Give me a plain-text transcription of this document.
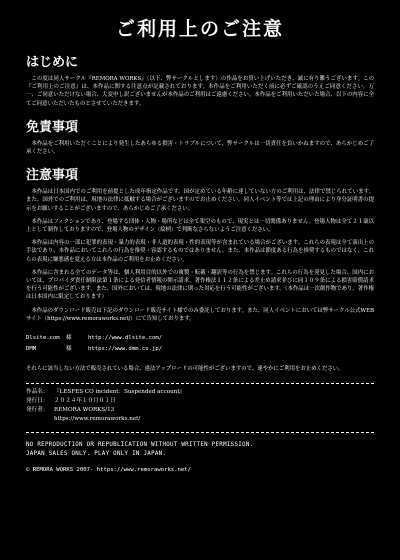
ご利用上のご注意
はじめに

この度は同人サークル『REMORA WORKS』（以下、弊サークルとします）の作品をお買い上げいただき、誠に有り難うございます。この『ご利用上のご注意』は、本作品に関する注意点が記載されております。本作品をご利用いただく前に必ずご確認のうえご同意ください。万一、ご同意いただけない場合、大変申し訳ございませんが本作品のご利用はご遠慮ください。本作品をご利用いただいた場合、以下の内容に全てご同意いただいたものとさせていただきます。

免責事項

本作品をご利用いただくことにより発生したあらゆる損害・トラブルについて、弊サークルは一切責任を負いかねますので、あらかじめご了承ください。

注意事項

本作品は日本国内でのご利用を前提とした成年指定作品です。国が定めている年齢に達していない方のご利用は、法律で禁じられています。また、国外でのご利用は、現地の法律に抵触する場合がございますのでお止めください。同人イベント等では上記の理由により身分証明書の提示をお願いすることがございますので、あらかじめご了承ください。

本作品はフィクションであり、登場する団体・人物・場所などは全て架空のもので、現実とは一切関係ありません。登場人物は全て２１歳以上として制作しておりますので、登場人物のデザイン（絵柄）で判断なさらないようご注意ください。

本作品は内容の一部に犯罪的表現・暴力的表現・非人道的表現・性的表現等が含まれている場合がございます。これらの表現は全て演出上の手法であり、本作品においてこれらの行為を推奨・容認するものではありません。また、本作品は節度ある行為を推奨するものではなく、これらの表現に嫌悪感を覚える方は本作品のご利用をお止めください。

本作品に含まれる全てのデータ等は、個人利用目的以外での複製・転載・翻訳等の行為を禁じます。これらの行為を発見した場合、国内においては、プロバイダ責任制限法第１条による発信者情報の開示請求、著作権法１１２条による差止め請求並びに同１０９条による損害賠償請求を行う可能性がございます。また、国外においては、現地の法律に則った対応を行う可能性がございます。（本作品は一次創作物であり、著作権は日本国内に限定しております）

本作品のダウンロード販売は下記のダウンロード販売サイト様でのみ委託しております。また、同人イベントにおいては弊サークル公式WEBサイト（https://www.remoraworks.net/）にて告知しております。

Dlsite.com	様	http://www.dlsite.com/
DMM	様	https://www.dmm.co.jp/

それらに該当しない方法で販売されている場合、違法アップロードの可能性がございますので、速やかにご利用をお止めください。

作品名：	『LESFES CO incident：Suspended account』
発行日：	２０２４年１０月０１日
発行者：	REMORA WORKS/13
https://www.remoraworks.net/
NO REPRODUCTION OR REPUBLICATION WITHOUT WRITTEN PERMISSION.
JAPAN SALES ONLY. PLAY ONLY IN JAPAN.
© REMORA WORKS 2007- https://www.remoraworks.net/
